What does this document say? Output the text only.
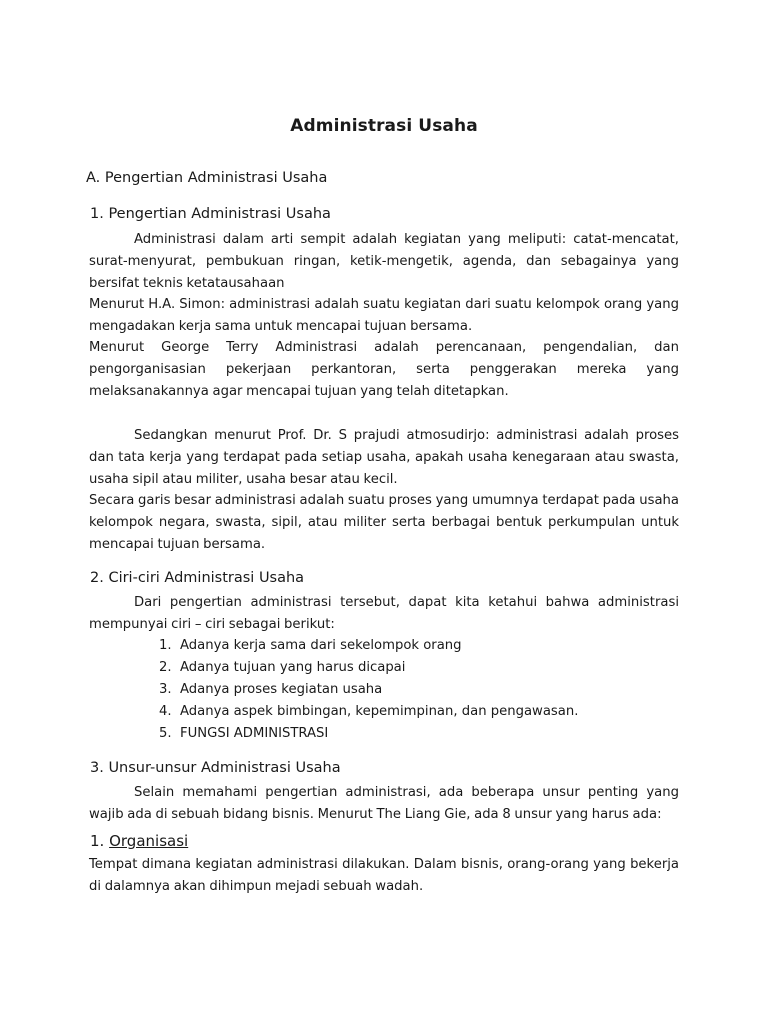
Administrasi Usaha
A. Pengertian Administrasi Usaha
1. Pengertian Administrasi Usaha
Administrasi dalam arti sempit adalah kegiatan yang meliputi: catat-mencatat, surat-menyurat, pembukuan ringan, ketik-mengetik, agenda, dan sebagainya yang bersifat teknis ketatausahaan
Menurut H.A. Simon: administrasi adalah suatu kegiatan dari suatu kelompok orang yang mengadakan kerja sama untuk mencapai tujuan bersama.
Menurut George Terry Administrasi adalah perencanaan, pengendalian, dan pengorganisasian pekerjaan perkantoran, serta penggerakan mereka yang melaksanakannya agar mencapai tujuan yang telah ditetapkan.
Sedangkan menurut Prof. Dr. S prajudi atmosudirjo: administrasi adalah proses dan tata kerja yang terdapat pada setiap usaha, apakah usaha kenegaraan atau swasta, usaha sipil atau militer, usaha besar atau kecil.
Secara garis besar administrasi adalah suatu proses yang umumnya terdapat pada usaha kelompok negara, swasta, sipil, atau militer serta berbagai bentuk perkumpulan untuk mencapai tujuan bersama.
2. Ciri-ciri Administrasi Usaha
Dari pengertian administrasi tersebut, dapat kita ketahui bahwa administrasi mempunyai ciri – ciri sebagai berikut:
1. Adanya kerja sama dari sekelompok orang
2. Adanya tujuan yang harus dicapai
3. Adanya proses kegiatan usaha
4. Adanya aspek bimbingan, kepemimpinan, dan pengawasan.
5. FUNGSI ADMINISTRASI
3. Unsur-unsur Administrasi Usaha
Selain memahami pengertian administrasi, ada beberapa unsur penting yang wajib ada di sebuah bidang bisnis. Menurut The Liang Gie, ada 8 unsur yang harus ada:
1. Organisasi
Tempat dimana kegiatan administrasi dilakukan. Dalam bisnis, orang-orang yang bekerja di dalamnya akan dihimpun mejadi sebuah wadah.
